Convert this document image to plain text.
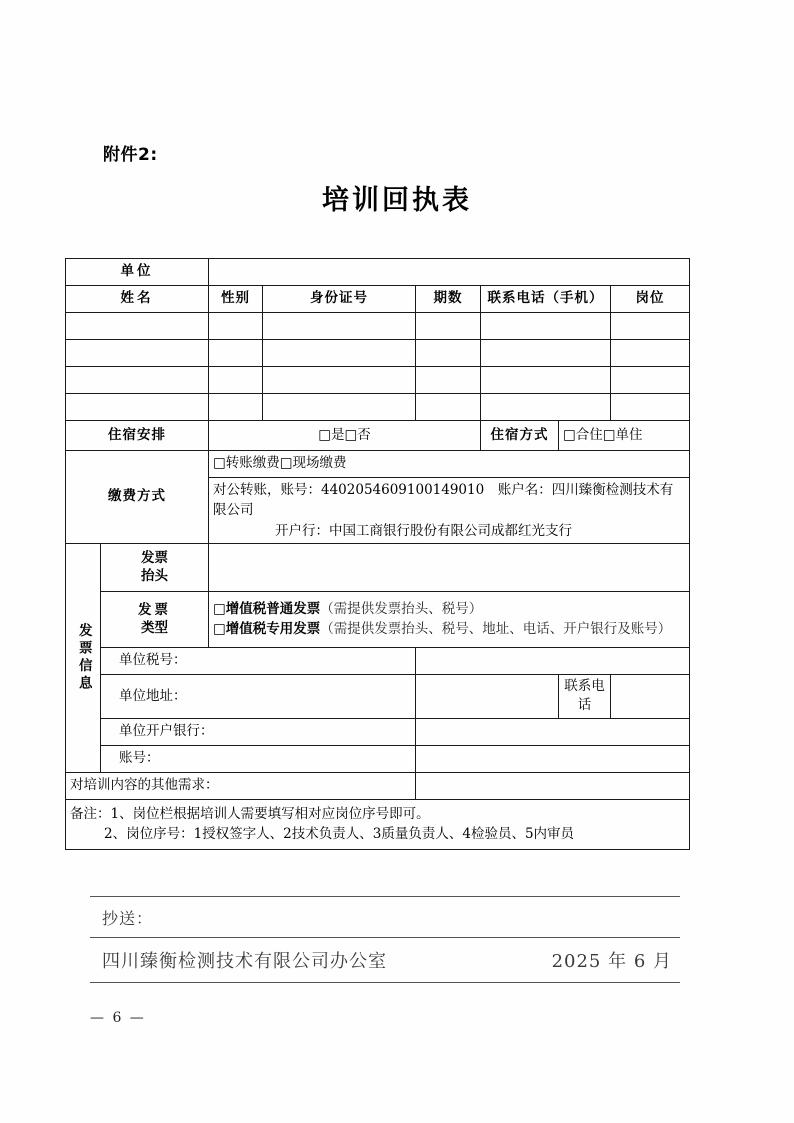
附件2:
培训回执表
单位							
姓名		性别	身份证号	期数	联系电话（手机）		岗位

住宿安排		□是□否			住宿方式	□合住□单住	
缴费方式		□转账缴费□现场缴费					

		对公转账，账号：4402054609100149010　账户名：四川臻衡检测技术有限公司
开户行：中国工商银行股份有限公司成都红光支行					

发票信息	发票
抬头						

	发票
类型	□增值税普通发票（需提供发票抬头、税号）
□增值税专用发票（需提供发票抬头、税号、地址、电话、开户银行及账号）					

	单位税号：						
	单位地址：					联系电话	
	单位开户银行：						
	账号：						
对培训内容的其他需求：							

备注：1、岗位栏根据培训人需要填写相对应岗位序号即可。
2、岗位序号：1授权签字人、2技术负责人、3质量负责人、4检验员、5内审员							
抄送：
四川臻衡检测技术有限公司办公室	2025 年 6 月
— 6 —
